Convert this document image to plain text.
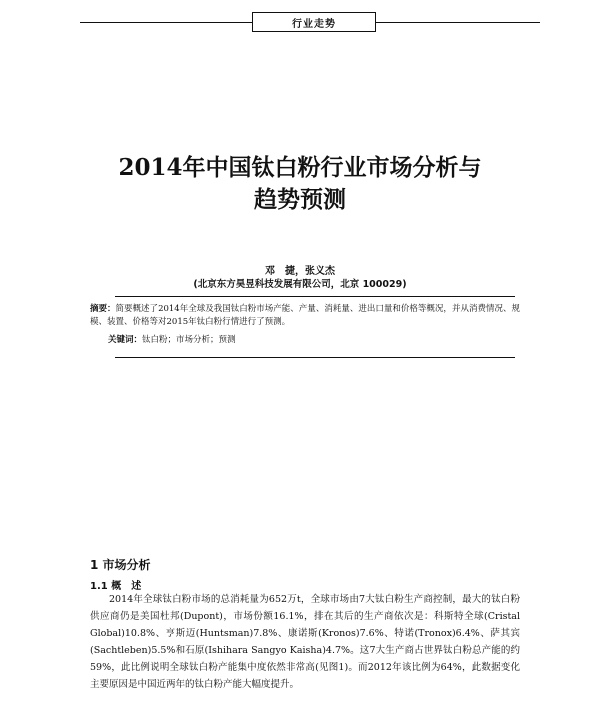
行业走势
2014年中国钛白粉行业市场分析与
趋势预测
邓　捷，张义杰
(北京东方昊昱科技发展有限公司，北京 100029)
摘要：简要概述了2014年全球及我国钛白粉市场产能、产量、消耗量、进出口量和价格等概况，并从消费情况、规模、装置、价格等对2015年钛白粉行情进行了预测。
关键词：钛白粉；市场分析；预测
1 市场分析
1.1 概　述

2014年全球钛白粉市场的总消耗量为652万t，全球市场由7大钛白粉生产商控制，最大的钛白粉供应商仍是美国杜邦(Dupont)，市场份额16.1%，排在其后的生产商依次是：科斯特全球(Cristal Global)10.8%、亨斯迈(Huntsman)7.8%、康诺斯(Kronos)7.6%、特诺(Tronox)6.4%、萨其宾(Sachtleben)5.5%和石原(Ishihara Sangyo Kaisha)4.7%。这7大生产商占世界钛白粉总产能的约59%，此比例说明全球钛白粉产能集中度依然非常高(见图1)。而2012年该比例为64%，此数据变化主要原因是中国近两年的钛白粉产能大幅度提升。
